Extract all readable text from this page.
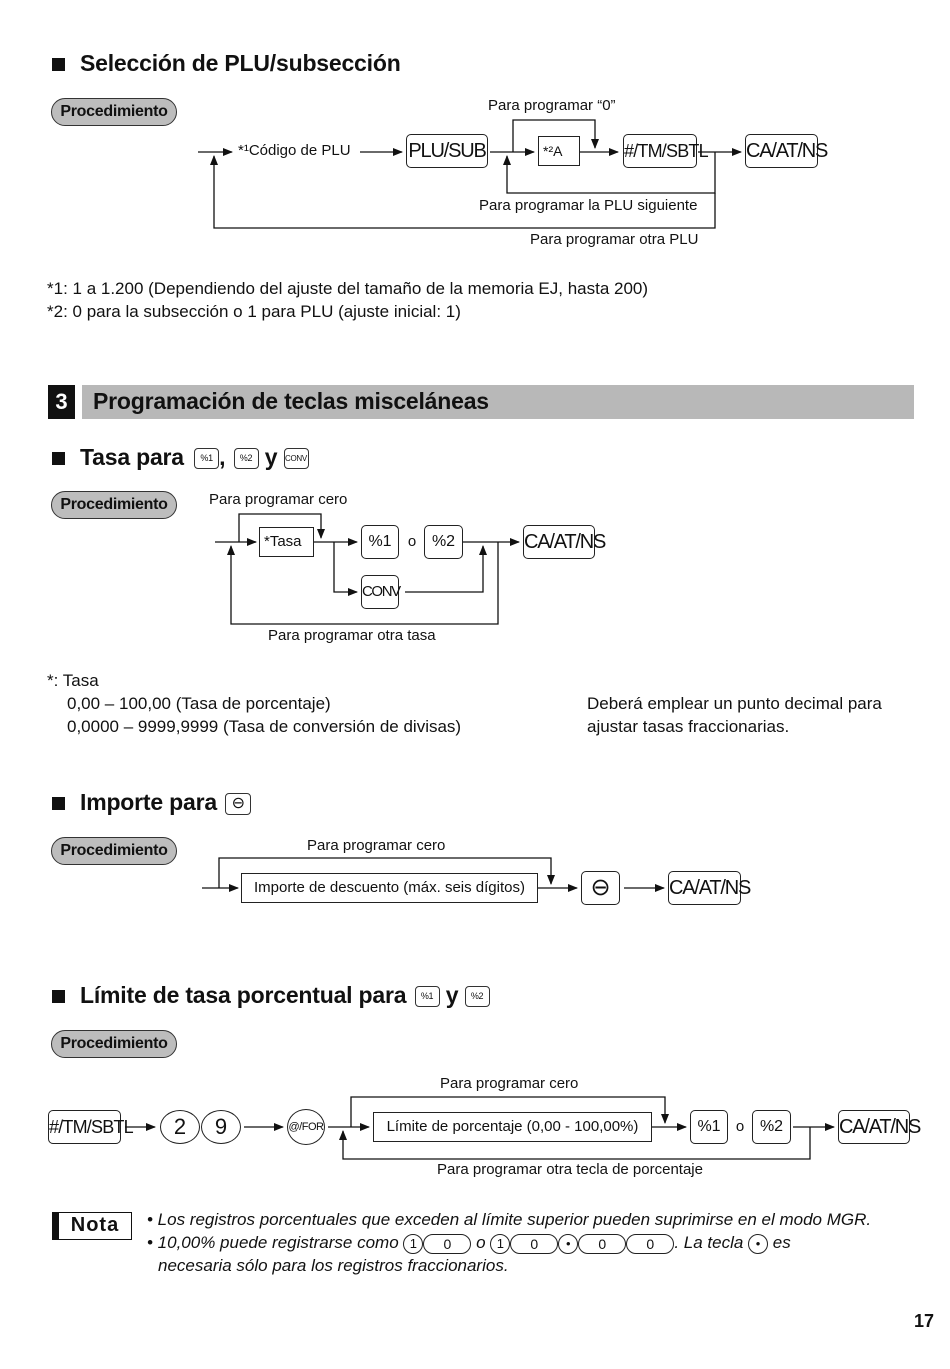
Selección de PLU/subsección
Procedimiento	Para programar “0”
*¹Código de PLU	PLU/SUB	*²A	#/TM/SBTL CA/AT/NS
Para programar la PLU siguiente
Para programar otra PLU
*1: 1 a 1.200 (Dependiendo del ajuste del tamaño de la memoria EJ, hasta 200)
*2: 0 para la subsección o 1 para PLU (ajuste inicial: 1)
3	Programación de teclas misceláneas
Tasa para %1 , %2 y CONV
Procedimiento	Para programar cero
*Tasa	%1	o %2	CA/AT/NS
CONV
Para programar otra tasa
*: Tasa
0,00 – 100,00 (Tasa de porcentaje)
0,0000 – 9999,9999 (Tasa de conversión de divisas)
Deberá emplear un punto decimal para
ajustar tasas fraccionarias.
Importe para ⊖
Procedimiento	Para programar cero
Importe de descuento (máx. seis dígitos)	⊖	CA/AT/NS
Límite de tasa porcentual para %1 y %2
Procedimiento
Para programar cero
#/TM/SBTL	2	9	@/FOR	Límite de porcentaje (0,00 - 100,00%)	%1	o %2	CA/AT/NS
Para programar otra tecla de porcentaje
Nota	• Los registros porcentuales que exceden al límite superior pueden suprimirse en el modo MGR.
• 10,00% puede registrarse como 1 0 o 1 0 • 0	0 . La tecla • es
necesaria sólo para los registros fraccionarios.
17
